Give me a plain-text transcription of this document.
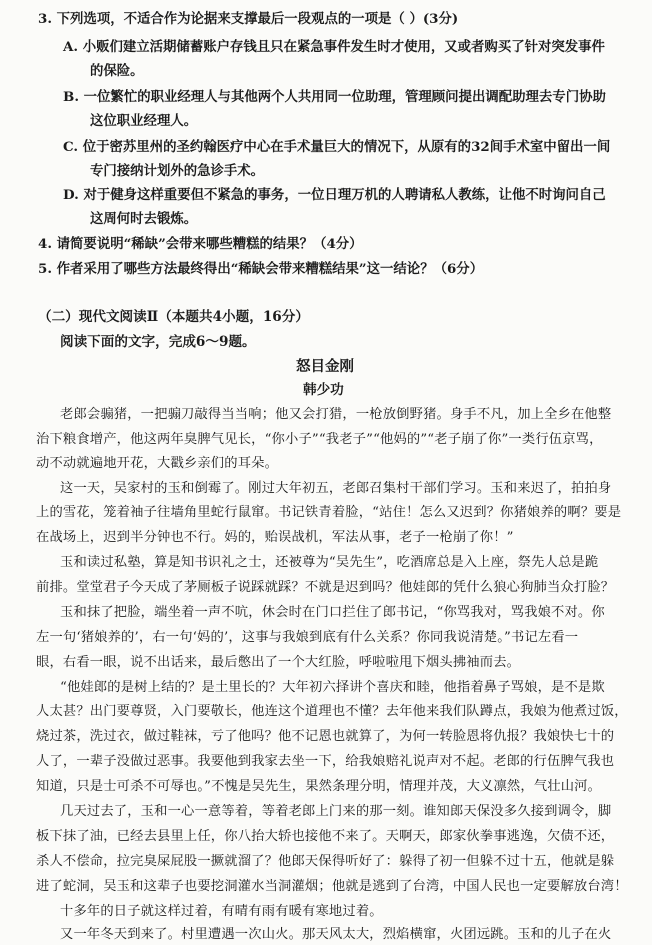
3. 下列选项，不适合作为论据来支撑最后一段观点的一项是（ ）(3分)
A. 小贩们建立活期储蓄账户存钱且只在紧急事件发生时才使用，又或者购买了针对突发事件
的保险。
B. 一位繁忙的职业经理人与其他两个人共用同一位助理，管理顾问提出调配助理去专门协助
这位职业经理人。
C. 位于密苏里州的圣约翰医疗中心在手术量巨大的情况下，从原有的32间手术室中留出一间
专门接纳计划外的急诊手术。
D. 对于健身这样重要但不紧急的事务，一位日理万机的人聘请私人教练，让他不时询问自己
这周何时去锻炼。
4. 请简要说明“稀缺”会带来哪些糟糕的结果？（4分）
5. 作者采用了哪些方法最终得出“稀缺会带来糟糕结果”这一结论？（6分）
（二）现代文阅读Ⅱ（本题共4小题，16分）
阅读下面的文字，完成6～9题。
怒目金刚
韩少功
老郎会骟猪，一把骟刀敲得当当响；他又会打猎，一枪放倒野猪。身手不凡，加上全乡在他整
治下粮食增产，他这两年臭脾气见长，“你小子”“我老子”“他妈的”“老子崩了你”一类行伍京骂，
动不动就遍地开花，大戳乡亲们的耳朵。
这一天，吴家村的玉和倒霉了。刚过大年初五，老郎召集村干部们学习。玉和来迟了，拍拍身
上的雪花，笼着袖子往墙角里蛇行鼠窜。书记铁青着脸，“站住！怎么又迟到？你猪娘养的啊？要是
在战场上，迟到半分钟也不行。妈的，贻误战机，军法从事，老子一枪崩了你！”
玉和读过私塾，算是知书识礼之士，还被尊为“吴先生”，吃酒席总是入上座，祭先人总是跪
前排。堂堂君子今天成了茅厕板子说踩就踩？不就是迟到吗？他娃郎的凭什么狼心狗肺当众打脸？
玉和抹了把脸，端坐着一声不吭，休会时在门口拦住了郎书记，“你骂我对，骂我娘不对。你
左一句‘猪娘养的’，右一句‘妈的’，这事与我娘到底有什么关系？你同我说清楚。”书记左看一
眼，右看一眼，说不出话来，最后憋出了一个大红脸，呼啦啦甩下烟头拂袖而去。
“他娃郎的是树上结的？是土里长的？大年初六择讲个喜庆和睦，他指着鼻子骂娘，是不是欺
人太甚？出门要尊贤，入门要敬长，他连这个道理也不懂？去年他来我们队蹲点，我娘为他煮过饭，
烧过茶，洗过衣，做过鞋袜，亏了他吗？他不记恩也就算了，为何一转脸恩将仇报？我娘快七十的
人了，一辈子没做过恶事。我要他到我家去坐一下，给我娘赔礼说声对不起。老郎的行伍脾气我也
知道，只是士可杀不可辱也。”不愧是吴先生，果然条理分明，情理并茂，大义凛然，气壮山河。
几天过去了，玉和一心一意等着，等着老郎上门来的那一刻。谁知郎天保没多久接到调令，脚
板下抹了油，已经去县里上任，你八抬大轿也接他不来了。天啊天，郎家伙拳事逃逸，欠债不还，
杀人不偿命，拉完臭屎屁股一撅就溜了？他郎天保得听好了：躲得了初一但躲不过十五，他就是躲
进了蛇洞，吴玉和这辈子也要挖洞灌水当洞灌烟；他就是逃到了台湾，中国人民也一定要解放台湾！
十多年的日子就这样过着，有晴有雨有暖有寒地过着。
又一年冬天到来了。村里遭遇一次山火。那天风太大，烈焰横窜，火团远跳。玉和的儿子在火
